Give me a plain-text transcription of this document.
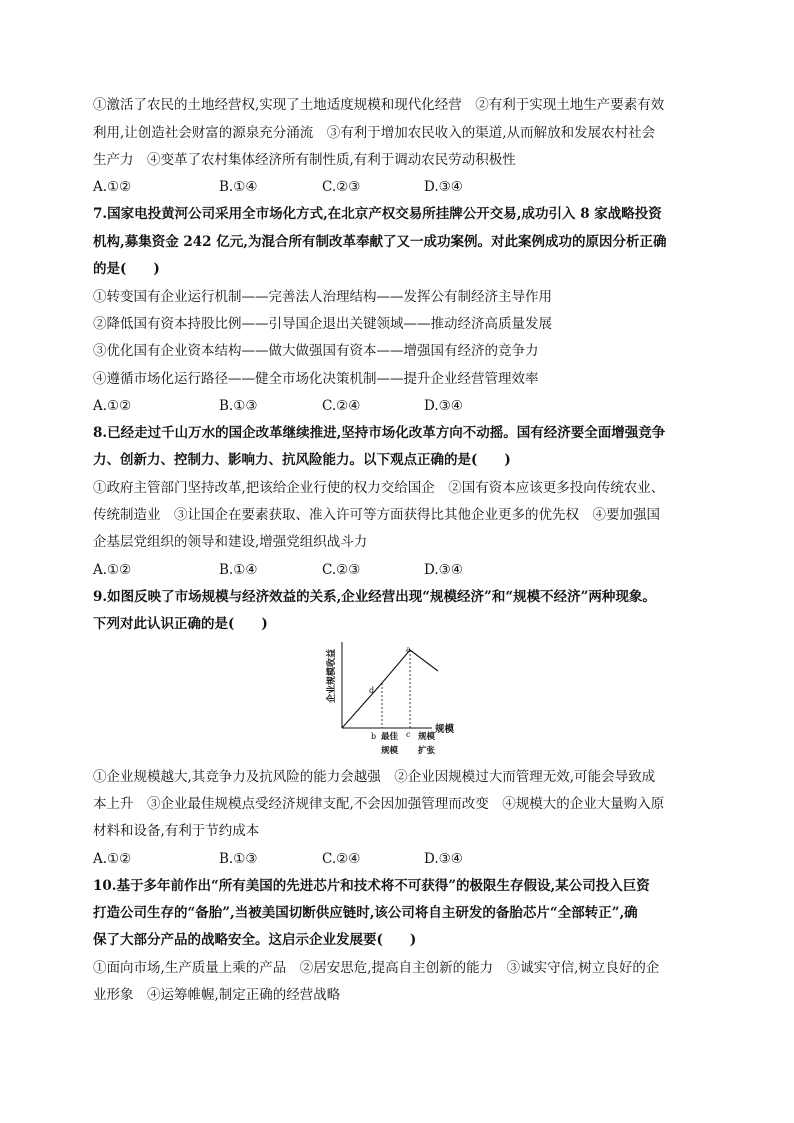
①激活了农民的土地经营权,实现了土地适度规模和现代化经营　②有利于实现土地生产要素有效
利用,让创造社会财富的源泉充分涌流　③有利于增加农民收入的渠道,从而解放和发展农村社会
生产力　④变革了农村集体经济所有制性质,有利于调动农民劳动积极性
A.①②	B.①④	C.②③	D.③④
7.国家电投黄河公司采用全市场化方式,在北京产权交易所挂牌公开交易,成功引入 8 家战略投资
机构,募集资金 242 亿元,为混合所有制改革奉献了又一成功案例。对此案例成功的原因分析正确
的是(　　)
①转变国有企业运行机制——完善法人治理结构——发挥公有制经济主导作用
②降低国有资本持股比例——引导国企退出关键领域——推动经济高质量发展
③优化国有企业资本结构——做大做强国有资本——增强国有经济的竞争力
④遵循市场化运行路径——健全市场化决策机制——提升企业经营管理效率
A.①②	B.①③	C.②④	D.③④
8.已经走过千山万水的国企改革继续推进,坚持市场化改革方向不动摇。国有经济要全面增强竞争
力、创新力、控制力、影响力、抗风险能力。以下观点正确的是(　　)
①政府主管部门坚持改革,把该给企业行使的权力交给国企　②国有资本应该更多投向传统农业、
传统制造业　③让国企在要素获取、准入许可等方面获得比其他企业更多的优先权　④要加强国
企基层党组织的领导和建设,增强党组织战斗力
A.①②	B.①④	C.②③	D.③④
9.如图反映了市场规模与经济效益的关系,企业经营出现“规模经济”和“规模不经济”两种现象。
下列对此认识正确的是(　　)
企业规模收益
规模
a
d
b	c
最佳
规模
规模
扩张
①企业规模越大,其竞争力及抗风险的能力会越强　②企业因规模过大而管理无效,可能会导致成
本上升　③企业最佳规模点受经济规律支配,不会因加强管理而改变　④规模大的企业大量购入原
材料和设备,有利于节约成本
A.①②	B.①③	C.②④	D.③④
10.基于多年前作出“所有美国的先进芯片和技术将不可获得”的极限生存假设,某公司投入巨资
打造公司生存的“备胎”,当被美国切断供应链时,该公司将自主研发的备胎芯片“全部转正”,确
保了大部分产品的战略安全。这启示企业发展要(　　)
①面向市场,生产质量上乘的产品　②居安思危,提高自主创新的能力　③诚实守信,树立良好的企
业形象　④运筹帷幄,制定正确的经营战略
